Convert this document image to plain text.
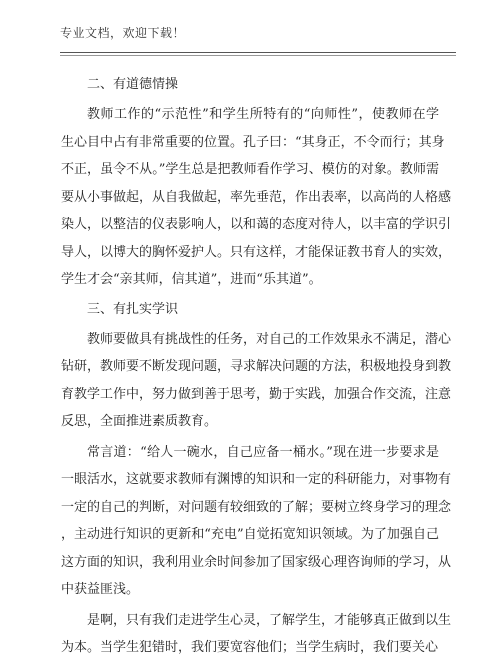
专业文档，欢迎下载！
二、有道德情操
教师工作的“示范性”和学生所特有的“向师性”，使教师在学
生心目中占有非常重要的位置。孔子曰：“其身正，不令而行；其身
不正，虽令不从。”学生总是把教师看作学习、模仿的对象。教师需
要从小事做起，从自我做起，率先垂范，作出表率，以高尚的人格感
染人，以整洁的仪表影响人，以和蔼的态度对待人，以丰富的学识引
导人，以博大的胸怀爱护人。只有这样，才能保证教书育人的实效，
学生才会“亲其师，信其道”，进而“乐其道”。
三、有扎实学识
教师要做具有挑战性的任务，对自己的工作效果永不满足，潜心
钻研，教师要不断发现问题，寻求解决问题的方法，积极地投身到教
育教学工作中，努力做到善于思考，勤于实践，加强合作交流，注意
反思，全面推进素质教育。
常言道：“给人一碗水，自己应备一桶水。”现在进一步要求是
一眼活水，这就要求教师有渊博的知识和一定的科研能力，对事物有
一定的自己的判断，对问题有较细致的了解；要树立终身学习的理念
，主动进行知识的更新和“充电”自觉拓宽知识领域。为了加强自己
这方面的知识，我利用业余时间参加了国家级心理咨询师的学习，从
中获益匪浅。
是啊，只有我们走进学生心灵，了解学生，才能够真正做到以生
为本。当学生犯错时，我们要宽容他们；当学生病时，我们要关心
